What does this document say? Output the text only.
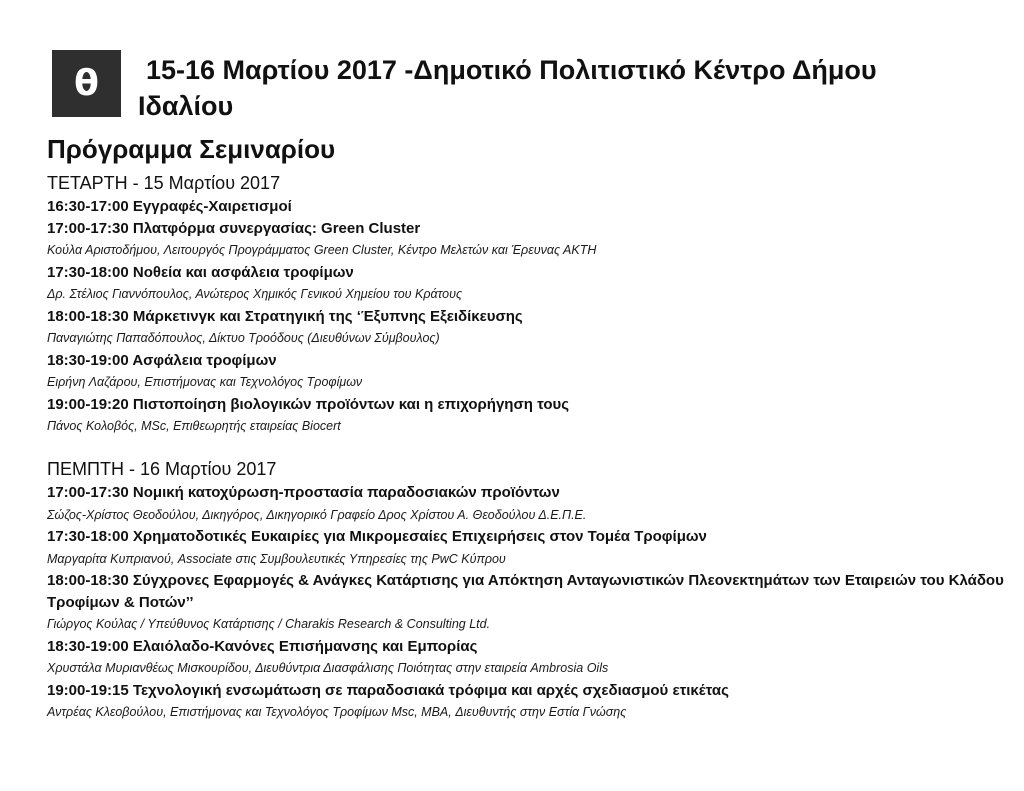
θ 15-16 Μαρτίου 2017 -Δημοτικό Πολιτιστικό Κέντρο Δήμου
Ιδαλίου
Πρόγραμμα Σεμιναρίου

ΤΕΤΑΡΤΗ - 15 Μαρτίου 2017

16:30-17:00 Εγγραφές-Χαιρετισμοί

17:00-17:30 Πλατφόρμα συνεργασίας: Green Cluster

Κούλα Αριστοδήμου, Λειτουργός Προγράμματος Green Cluster, Κέντρο Μελετών και Έρευνας ΑΚΤΗ

17:30-18:00 Νοθεία και ασφάλεια τροφίμων

Δρ. Στέλιος Γιαννόπουλος, Ανώτερος Χημικός Γενικού Χημείου του Κράτους

18:00-18:30 Μάρκετινγκ και Στρατηγική της ‘Έξυπνης Εξειδίκευσης

Παναγιώτης Παπαδόπουλος, Δίκτυο Τροόδους (Διευθύνων Σύμβουλος)

18:30-19:00 Ασφάλεια τροφίμων

Ειρήνη Λαζάρου, Επιστήμονας και Τεχνολόγος Τροφίμων

19:00-19:20 Πιστοποίηση βιολογικών προϊόντων και η επιχορήγηση τους

Πάνος Κολοβός, MSc, Επιθεωρητής εταιρείας Biocert

ΠΕΜΠΤΗ - 16 Μαρτίου 2017

17:00-17:30 Νομική κατοχύρωση-προστασία παραδοσιακών προϊόντων

Σώζος-Χρίστος Θεοδούλου, Δικηγόρος, Δικηγορικό Γραφείο Δρος Χρίστου Α. Θεοδούλου Δ.Ε.Π.Ε.

17:30-18:00 Χρηματοδοτικές Ευκαιρίες για Μικρομεσαίες Επιχειρήσεις στον Τομέα Τροφίμων

Μαργαρίτα Κυπριανού, Associate στις Συμβουλευτικές Υπηρεσίες της PwC Κύπρου

18:00-18:30 Σύγχρονες Εφαρμογές & Ανάγκες Κατάρτισης για Απόκτηση Ανταγωνιστικών Πλεονεκτημάτων των Εταιρειών του Κλάδου Τροφίμων & Ποτών’’

Γιώργος Κούλας / Υπεύθυνος Κατάρτισης / Charakis Research & Consulting Ltd.

18:30-19:00 Ελαιόλαδο-Κανόνες Επισήμανσης και Εμπορίας

Χρυστάλα Μυριανθέως Μισκουρίδου, Διευθύντρια Διασφάλισης Ποιότητας στην εταιρεία Ambrosia Oils

19:00-19:15 Τεχνολογική ενσωμάτωση σε παραδοσιακά τρόφιμα και αρχές σχεδιασμού ετικέτας

Αντρέας Κλεοβούλου, Επιστήμονας και Τεχνολόγος Τροφίμων Msc, MBA, Διευθυντής στην Εστία Γνώσης
